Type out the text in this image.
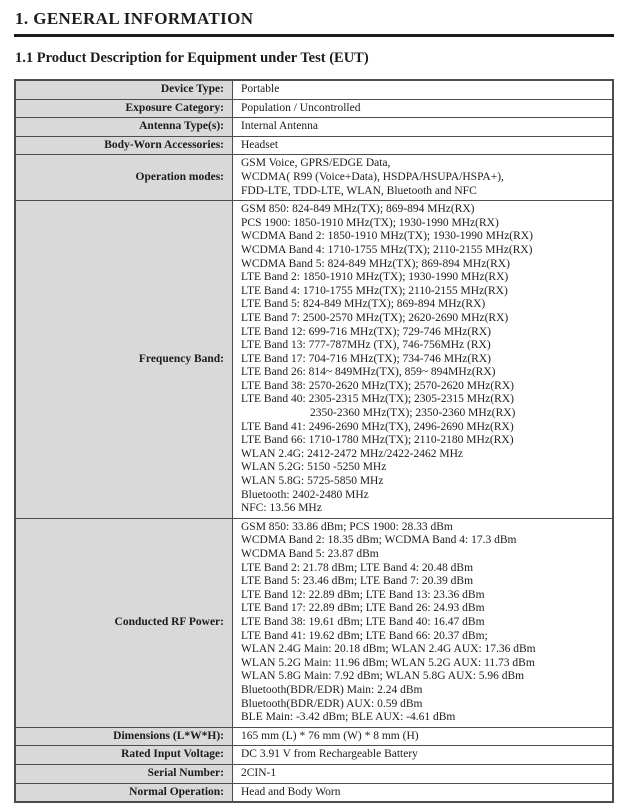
1. GENERAL INFORMATION
1.1 Product Description for Equipment under Test (EUT)
Device Type:	Portable

Exposure Category:	Population / Uncontrolled

Antenna Type(s):	Internal Antenna

Body-Worn Accessories:	Headset

Operation modes:	GSM Voice, GPRS/EDGE Data,
WCDMA( R99 (Voice+Data), HSDPA/HSUPA/HSPA+),
FDD-LTE, TDD-LTE, WLAN, Bluetooth and NFC

Frequency Band:	
GSM 850: 824-849 MHz(TX); 869-894 MHz(RX)
PCS 1900: 1850-1910 MHz(TX); 1930-1990 MHz(RX)
WCDMA Band 2: 1850-1910 MHz(TX); 1930-1990 MHz(RX)
WCDMA Band 4: 1710-1755 MHz(TX); 2110-2155 MHz(RX)
WCDMA Band 5: 824-849 MHz(TX); 869-894 MHz(RX)
LTE Band 2: 1850-1910 MHz(TX); 1930-1990 MHz(RX)
LTE Band 4: 1710-1755 MHz(TX); 2110-2155 MHz(RX)
LTE Band 5: 824-849 MHz(TX); 869-894 MHz(RX)
LTE Band 7: 2500-2570 MHz(TX); 2620-2690 MHz(RX)
LTE Band 12: 699-716 MHz(TX); 729-746 MHz(RX)
LTE Band 13: 777-787MHz (TX), 746-756MHz (RX)
LTE Band 17: 704-716 MHz(TX); 734-746 MHz(RX)
LTE Band 26: 814~ 849MHz(TX), 859~ 894MHz(RX)
LTE Band 38: 2570-2620 MHz(TX); 2570-2620 MHz(RX)
LTE Band 40: 2305-2315 MHz(TX); 2305-2315 MHz(RX)
2350-2360 MHz(TX); 2350-2360 MHz(RX)
LTE Band 41: 2496-2690 MHz(TX), 2496-2690 MHz(RX)
LTE Band 66: 1710-1780 MHz(TX); 2110-2180 MHz(RX)
WLAN 2.4G: 2412-2472 MHz/2422-2462 MHz
WLAN 5.2G: 5150 -5250 MHz
WLAN 5.8G: 5725-5850 MHz
Bluetooth: 2402-2480 MHz
NFC: 13.56 MHz

Conducted RF Power:	
GSM 850: 33.86 dBm; PCS 1900: 28.33 dBm
WCDMA Band 2: 18.35 dBm; WCDMA Band 4: 17.3 dBm
WCDMA Band 5: 23.87 dBm
LTE Band 2: 21.78 dBm; LTE Band 4: 20.48 dBm
LTE Band 5: 23.46 dBm; LTE Band 7: 20.39 dBm
LTE Band 12: 22.89 dBm; LTE Band 13: 23.36 dBm
LTE Band 17: 22.89 dBm; LTE Band 26: 24.93 dBm
LTE Band 38: 19.61 dBm; LTE Band 40: 16.47 dBm
LTE Band 41: 19.62 dBm; LTE Band 66: 20.37 dBm;
WLAN 2.4G Main: 20.18 dBm; WLAN 2.4G AUX: 17.36 dBm
WLAN 5.2G Main: 11.96 dBm; WLAN 5.2G AUX: 11.73 dBm
WLAN 5.8G Main: 7.92 dBm; WLAN 5.8G AUX: 5.96 dBm
Bluetooth(BDR/EDR) Main: 2.24 dBm
Bluetooth(BDR/EDR) AUX: 0.59 dBm
BLE Main: -3.42 dBm; BLE AUX: -4.61 dBm

Dimensions (L*W*H):	165 mm (L) * 76 mm (W) * 8 mm (H)

Rated Input Voltage:	DC 3.91 V from Rechargeable Battery

Serial Number:	2CIN-1

Normal Operation:	Head and Body Worn
